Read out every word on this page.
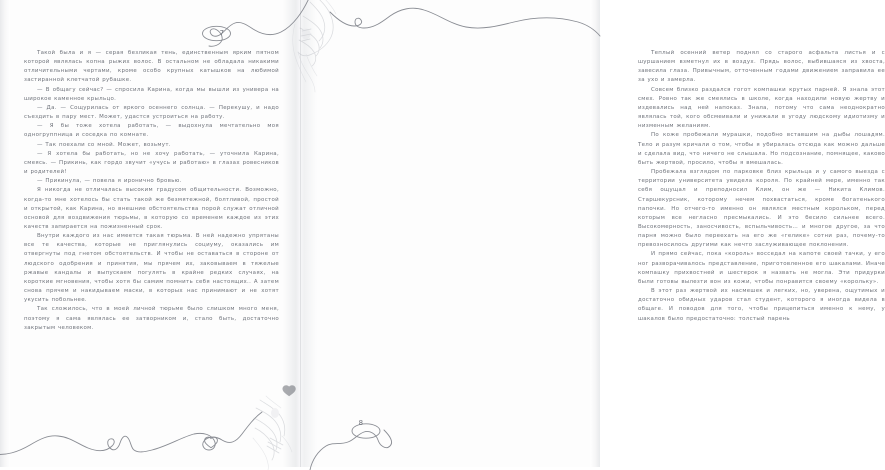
Такой была и я — серая безликая тень, единственным ярким пятном которой являлась копна рыжих волос. В остальном не обладала никакими отличительными чертами, кроме особо крупных катышков на любимой застиранной клетчатой рубашке.

— В общагу сейчас? — спросила Карина, когда мы вышли из универа на широкое каменное крыльцо.

— Да. — Сощурилась от яркого осеннего солнца. — Перекушу, и надо съездить в пару мест. Может, удастся устроиться на работу.

— Я бы тоже хотела работать, — выдохнула мечтательно моя одногруппница и соседка по комнате.

— Так поехали со мной. Может, возьмут.

— Я хотела бы работать, но не хочу работать, — уточнила Карина, смеясь. — Прикинь, как гордо звучит «учусь и работаю» в глазах ровесников и родителей!

— Прикинула, — повела я иронично бровью.

Я никогда не отличалась высоким градусом общительности. Возможно, когда-то мне хотелось бы стать такой же безмятежной, болтливой, простой и открытой, как Карина, но внешние обстоятельства порой служат отличной основой для воздвижения тюрьмы, в которую со временем каждое из этих качеств запирается на пожизненный срок.

Внутри каждого из нас имеется такая тюрьма. В ней надежно упрятаны все те качества, которые не приглянулись социуму, оказались им отвергнуты под гнетом обстоятельств. И чтобы не оставаться в стороне от людского одобрения и принятия, мы прячем их, заковываем в тяжелые ржавые кандалы и выпускаем погулять в крайне редких случаях, на короткие мгновения, чтобы хотя бы самим помнить себя настоящих.. А затем снова прячем и накидываем маски, в которых нас принимают и не хотят укусить побольнее.

Так сложилось, что в моей личной тюрьме было слишком много меня, поэтому я сама являлась ее затворником и, стало быть, достаточно закрытым человеком.

Теплый осенний ветер поднял со старого асфальта листья и с шуршанием взметнул их в воздух. Прядь волос, выбившаяся из хвоста, завесила глаза. Привычным, отточенным годами движением заправила ее за ухо и замерла.

Совсем близко раздался гогот компашки крутых парней. Я знала этот смех. Ровно так же смеялись в школе, когда находили новую жертву и издевались над ней напоказ. Знала, потому что сама неоднократно являлась той, кого обсмеивали и унижали в угоду людскому идиотизму и низменным желаниям.

По коже пробежали мурашки, подобно вставшим на дыбы лошадям. Тело и разум кричали о том, чтобы я убиралась отсюда как можно дальше и сделала вид, что ничего не слышала. Но подсознание, помнящее, каково быть жертвой, просило, чтобы я вмешалась.

Пробежала взглядом по парковке близ крыльца и у самого выезда с территории университета увидела короля. По крайней мере, именно так себя ощущал и преподносил Клим, он же — Никита Климов. Старшекурсник, которому нечем похвастаться, кроме богатенького папочки. Но отчего-то именно он являлся местным корольком, перед которым все негласно пресмыкались. И это бесило сильнее всего. Высокомерность, заносчивость, вспыльчивость… и многое другое, за что парня можно было переехать на его же «гелике» сотни раз, почему-то превозносилось другими как нечто заслуживающее поклонения.

И прямо сейчас, пока «король» восседал на капоте своей тачки, у его ног разворачивалось представление, приготовленное его шакалами. Иначе компашку прихвостней и шестерок я назвать не могла. Эти придурки были готовы вылезти вон из кожи, чтобы понравится своему «корольку».

В этот раз жертвой их насмешек и легких, но, уверена, ощутимых и достаточно обидных ударов стал студент, которого я иногда видела в общаге. И поводов для того, чтобы прицепиться именно к нему, у шакалов было предостаточно: толстый парень

7
8
